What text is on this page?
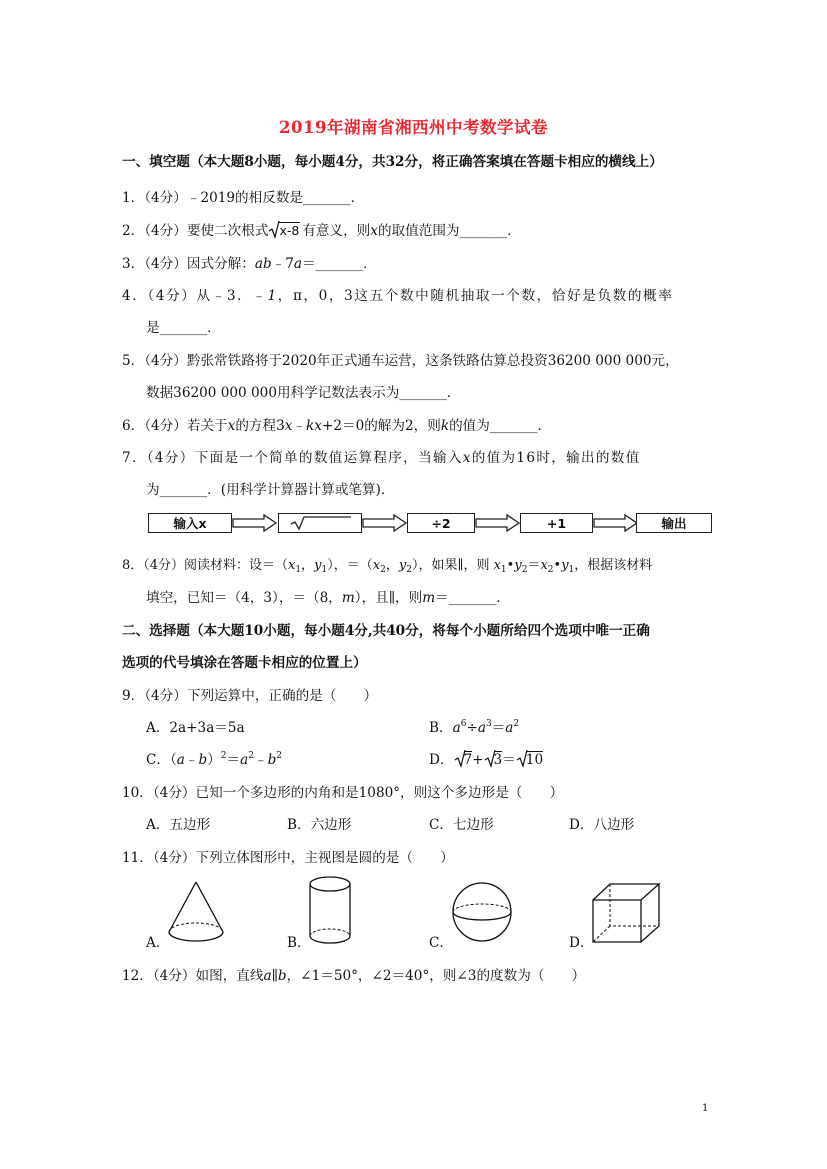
2019年湖南省湘西州中考数学试卷
一、填空题（本大题8小题，每小题4分，共32分，将正确答案填在答题卡相应的横线上）
1．（4分）﹣2019的相反数是_______．
2．（4分）要使二次根式 x-8 有意义，则x的取值范围为_______．
3．（4分）因式分解：ab﹣7a＝_______．
4．（4分）从﹣3．﹣1，π，0，3这五个数中随机抽取一个数，恰好是负数的概率
是_______．
5．（4分）黔张常铁路将于2020年正式通车运营，这条铁路估算总投资36200 000 000元，
数据36200 000 000用科学记数法表示为_______．
6．（4分）若关于x的方程3x﹣kx+2＝0的解为2，则k的值为_______．
7．（4分）下面是一个简单的数值运算程序，当输入x的值为16时，输出的数值
为_______．(用科学计算器计算或笔算)．
输入x	÷2	+1	输出
8．（4分）阅读材料：设$=(x_1$，$y_1$），$=(x_2$，$y_2$），如果∥，则 $x_1•y_2=x_2•y_1$，根据该材料
填空，已知＝（4，3），＝（8，m），且∥，则m＝_______．
二、选择题（本大题10小题，每小题4分,共40分，将每个小题所给四个选项中唯一正确
选项的代号填涂在答题卡相应的位置上）
9．（4分）下列运算中，正确的是（　　）
A．2a+3a＝5a	B．$a^6\div a^3=a^2$
C．$(a﹣b)^2=a^2﹣b^2$	D． 7+ 3＝ 10
10．（4分）已知一个多边形的内角和是1080°，则这个多边形是（　　）
A．五边形	B．六边形	C．七边形	D．八边形
11．（4分）下列立体图形中，主视图是圆的是（　　）
A．	B．	C．	D．
12．（4分）如图，直线a∥b，∠1＝50°，∠2＝40°，则∠3的度数为（　　）
1
